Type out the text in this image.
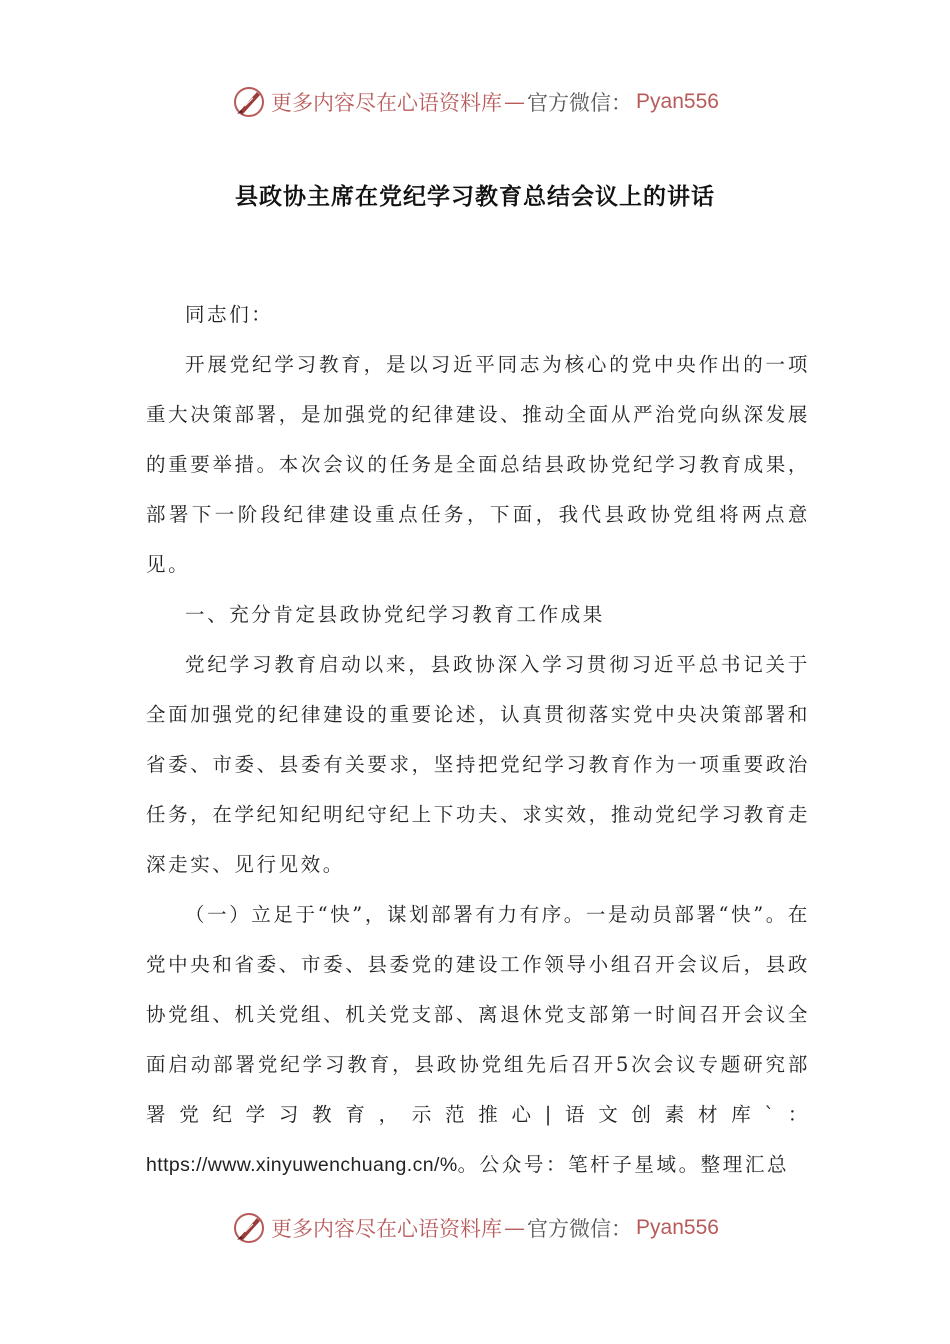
更多内容尽在心语资料库 — 官方微信： Pyan556
县政协主席在党纪学习教育总结会议上的讲话

同志们：

开展党纪学习教育，是以习近平同志为核心的党中央作出的一项重大决策部署，是加强党的纪律建设、推动全面从严治党向纵深发展的重要举措。本次会议的任务是全面总结县政协党纪学习教育成果，部署下一阶段纪律建设重点任务，下面，我代县政协党组将两点意见。

一、充分肯定县政协党纪学习教育工作成果

党纪学习教育启动以来，县政协深入学习贯彻习近平总书记关于全面加强党的纪律建设的重要论述，认真贯彻落实党中央决策部署和省委、市委、县委有关要求，坚持把党纪学习教育作为一项重要政治任务，在学纪知纪明纪守纪上下功夫、求实效，推动党纪学习教育走深走实、见行见效。

（一）立足于“快”，谋划部署有力有序。一是动员部署“快”。在党中央和省委、市委、县委党的建设工作领导小组召开会议后，县政协党组、机关党组、机关党支部、离退休党支部第一时间召开会议全面启动部署党纪学习教育，县政协党组先后召开5次会议专题研究部署党纪学习教育，示范推心|语文创素材库`：https://www.xinyuwenchuang.cn/%。公众号：笔杆子星域。整理汇总

更多内容尽在心语资料库 — 官方微信： Pyan556
